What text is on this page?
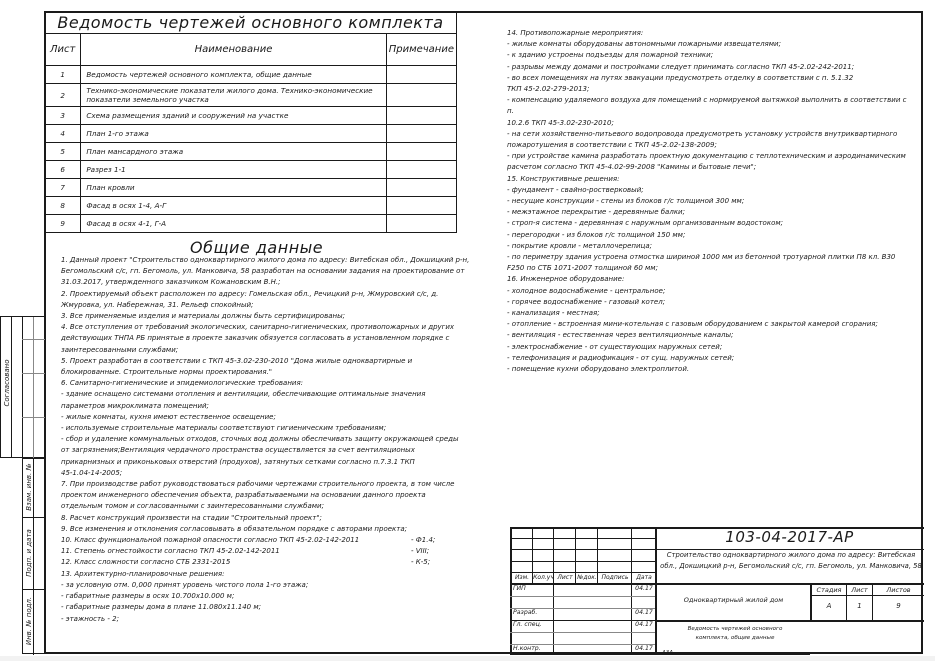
Ведомость чертежей основного комплекта		
Лист	Наименование	Примечание
1	Ведомость чертежей основного комплекта, общие данные	
2	Технико-экономические показатели жилого дома. Технико-экономические показатели земельного участка	
3	Схема размещения зданий и сооружений на участке	
4	План 1-го этажа	
5	План мансардного этажа	
6	Разрез 1-1	
7	План кровли	
8	Фасад в осях 1-4, А-Г	
9	Фасад в осях 4-1, Г-А	
Общие данные
1. Данный проект "Строительство одноквартирного жилого дома по адресу: Витебская обл., Докшицкий р-н,
Бегомольский с/с, гп. Бегомоль, ул. Манковича, 58 разработан на основании задания на проектирование от
31.03.2017, утвержденного заказчиком Кожановским В.Н.;
2. Проектируемый объект расположен по адресу: Гомельская обл., Речицкий р-н, Жмуровский с/с, д.
Жмуровка, ул. Набережная, 31. Рельеф спокойный;
3. Все применяемые изделия и материалы должны быть сертифицированы;
4. Все отступления от требований экологических, санитарно-гигиенических, противопожарных и других
действующих ТНПА РБ принятые в проекте заказчик обязуется согласовать в установленном порядке с
заинтересованными службами;
5. Проект разработан в соответствии с ТКП 45-3.02-230-2010 "Дома жилые одноквартирные и
блокированные. Строительные нормы проектирования."
6. Санитарно-гигиенические и эпидемиологические требования:
- здание оснащено системами отопления и вентиляции, обеспечивающие оптимальные значения
параметров микроклимата помещений;
- жилые комнаты, кухня имеют естественное освещение;
- используемые строительные материалы соответствуют гигиеническим требованиям;
- сбор и удаление коммунальных отходов, сточных вод должны обеспечивать защиту окружающей среды
от загрязнения;Вентиляция чердачного пространства осуществляется за счет вентиляционых
прикарнизных и приконьковых отверстий (продухов), затянутых сетками согласно п.7.3.1 ТКП
45-1.04-14-2005;
7. При производстве работ руководствоваться рабочими чертежами строительного проекта, в том числе
проектом инженерного обеспечения объекта, разрабатываемыми на основании данного проекта
отдельным томом и согласованными с заинтересованными службами;
8. Расчет конструкций произвести на стадии "Строительный проект";
9. Все изменения и отклонения согласовывать в обязательном порядке с авторами проекта;
10. Класс функциональной пожарной опасности согласно ТКП 45-2.02-142-2011	- Ф1.4;
11. Степень огнестойкости согласно ТКП 45-2.02-142-2011	- VIII;
12. Класс сложности согласно СТБ 2331-2015	- К-5;
13. Архитектурно-планировочные решения:
- за условную отм. 0,000 принят уровень чистого пола 1-го этажа;
- габаритные размеры в осях 10.700х10.000 м;
- габаритные размеры дома в плане 11.080х11.140 м;
- этажность - 2;
14. Противопожарные мероприятия:
- жилые комнаты оборудованы автономными пожарными извещателями;
- к зданию устроены подъезды для пожарной техники;
- разрывы между домами и постройками следует принимать согласно ТКП 45-2.02-242-2011;
- во всех помещениях на путях эвакуации предусмотреть отделку в соответствии с п. 5.1.32
ТКП 45-2.02-279-2013;
- компенсацию удаляемого воздуха для помещений с нормируемой вытяжкой выполнить в соответствии с
п.
10.2.6 ТКП 45-3.02-230-2010;
- на сети хозяйственно-питьевого водопровода предусмотреть установку устройств внутриквартирного
пожаротушения в соответствии с ТКП 45-2.02-138-2009;
- при устройстве камина разработать проектную документацию с теплотехническим и аэродинамическим
расчетом согласно ТКП 45-4.02-99-2008 "Камины и бытовые печи";
15. Конструктивные решения:
- фундамент - свайно-ростверковый;
- несущие конструкции - стены из блоков г/с толщиной 300 мм;
- межэтажное перекрытие - деревянные балки;
- строп-я система - деревянная с наружным организованным водостоком;
- перегородки - из блоков г/с толщиной 150 мм;
- покрытие кровли - металлочерепица;
- по периметру здания устроена отмостка шириной 1000 мм из бетонной тротуарной плитки П8 кл. В30
F250 по СТБ 1071-2007 толщиной 60 мм;
16. Инженерное оборудование:
- холодное водоснабжение - центральное;
- горячее водоснабжение - газовый котел;
- канализация - местная;
- отопление - встроенная мини-котельная с газовым оборудованием с закрытой камерой сгорания;
- вентиляция - естественная через вентиляционные каналы;
- электроснабжение - от существующих наружных сетей;
- телефонизация и радиофикация - от сущ. наружных сетей;
- помещение кухни оборудовано электроплитой.
Согласовано
Взам. инв. №
Подп. и дата
Инв. № подл.
103-04-2017-АР
Строительство одноквартирного жилого дома по адресу: Витебская обл., Докшицкий р-н, Бегомольский с/с, гп. Бегомоль, ул. Манковича, 58
Изм. Кол.уч Лист №док. Подпись	Дата
ГИП	04.17
Разраб.	04.17
Гл. спец.	04.17
Н.контр.	04.17
Одноквартирный жилой дом
Ведомость чертежей основного комплекта, общие данные
Стадия	Лист	Листов
А	1	9
А3А
